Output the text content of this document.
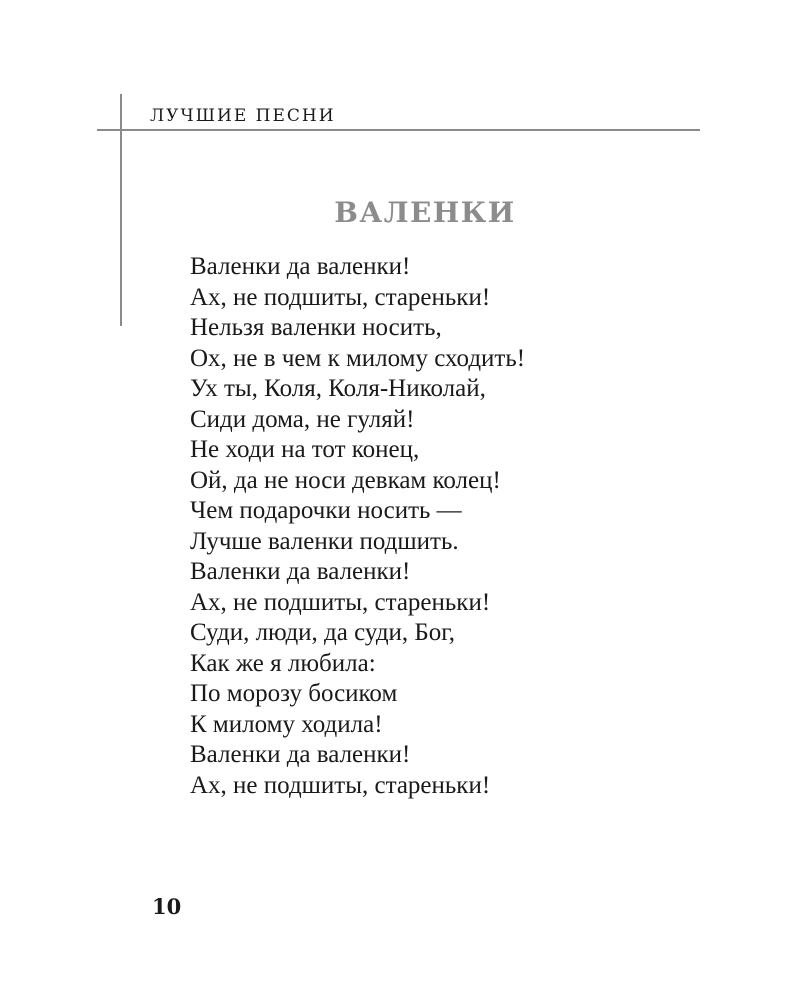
ЛУЧШИЕ ПЕСНИ
ВАЛЕНКИ
Валенки да валенки!
Ах, не подшиты, стареньки!
Нельзя валенки носить,
Ох, не в чем к милому сходить!
Ух ты, Коля, Коля-Николай,
Сиди дома, не гуляй!
Не ходи на тот конец,
Ой, да не носи девкам колец!
Чем подарочки носить —
Лучше валенки подшить.
Валенки да валенки!
Ах, не подшиты, стареньки!
Суди, люди, да суди, Бог,
Как же я любила:
По морозу босиком
К милому ходила!
Валенки да валенки!
Ах, не подшиты, стареньки!
10
